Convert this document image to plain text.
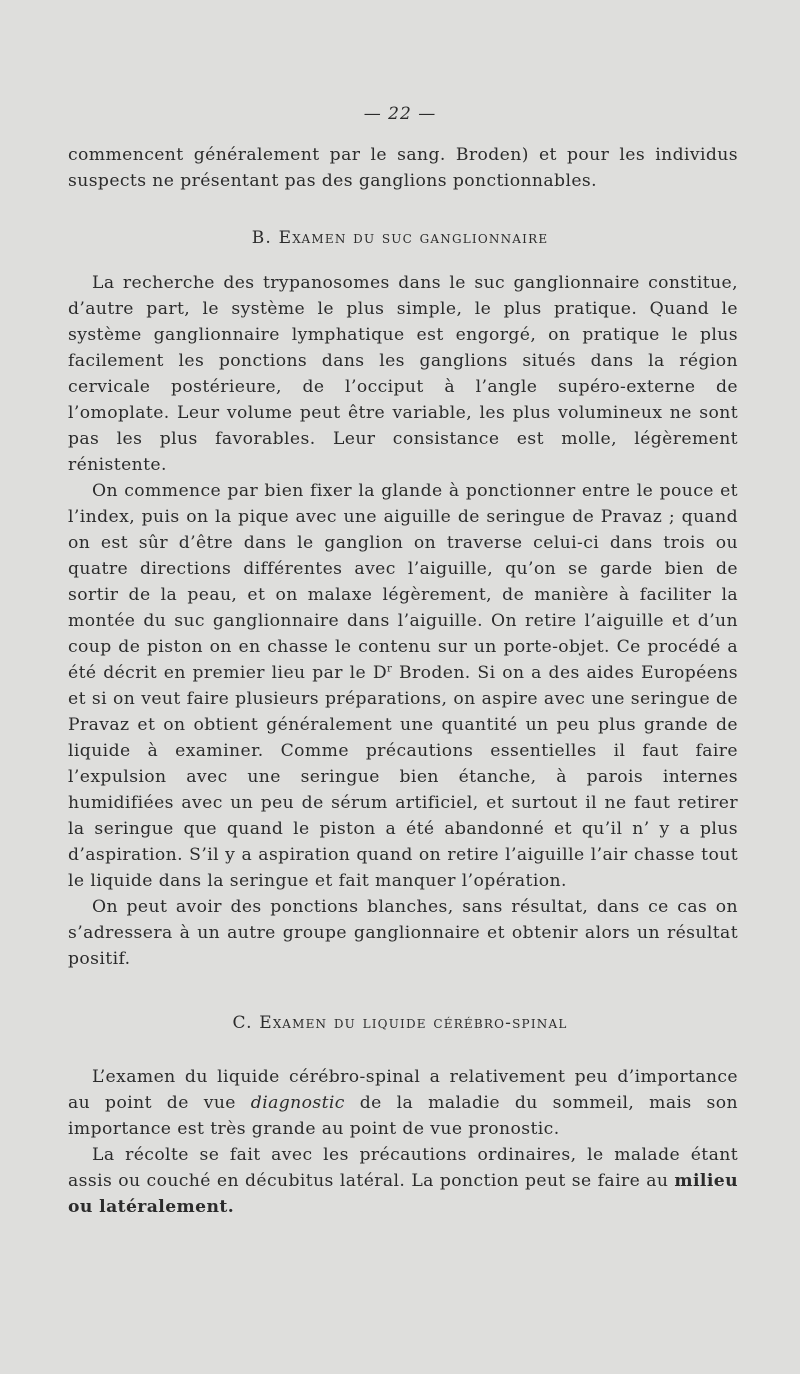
— 22 —

commencent généralement par le sang. Broden) et pour les individus suspects ne présentant pas des ganglions ponctionnables.

B. Examen du suc ganglionnaire

La recherche des trypanosomes dans le suc ganglionnaire constitue, d’autre part, le système le plus simple, le plus pratique. Quand le système ganglionnaire lymphatique est engorgé, on pratique le plus facilement les ponctions dans les ganglions situés dans la région cervicale postérieure, de l’occiput à l’angle supéro-externe de l’omoplate. Leur volume peut être variable, les plus volumineux ne sont pas les plus favorables. Leur consistance est molle, légèrement rénistente.

On commence par bien fixer la glande à ponctionner entre le pouce et l’index, puis on la pique avec une aiguille de seringue de Pravaz ; quand on est sûr d’être dans le ganglion on traverse celui-ci dans trois ou quatre directions différentes avec l’aiguille, qu’on se garde bien de sortir de la peau, et on malaxe légèrement, de manière à faciliter la montée du suc ganglionnaire dans l’aiguille. On retire l’aiguille et d’un coup de piston on en chasse le contenu sur un porte-objet. Ce procédé a été décrit en premier lieu par le $D^r$ Broden. Si on a des aides Européens et si on veut faire plusieurs préparations, on aspire avec une seringue de Pravaz et on obtient généralement une quantité un peu plus grande de liquide à examiner. Comme précautions essentielles il faut faire l’expulsion avec une seringue bien étanche, à parois internes humidifiées avec un peu de sérum artificiel, et surtout il ne faut retirer la seringue que quand le piston a été abandonné et qu’il n’ y a plus d’aspiration. S’il y a aspiration quand on retire l’aiguille l’air chasse tout le liquide dans la seringue et fait manquer l’opération.

On peut avoir des ponctions blanches, sans résultat, dans ce cas on s’adressera à un autre groupe ganglionnaire et obtenir alors un résultat positif.

C. Examen du liquide cérébro-spinal

L’examen du liquide cérébro-spinal a relativement peu d’importance au point de vue diagnostic de la maladie du sommeil, mais son importance est très grande au point de vue pronostic.

La récolte se fait avec les précautions ordinaires, le malade étant assis ou couché en décubitus latéral. La ponction peut se faire au milieu ou latéralement.
